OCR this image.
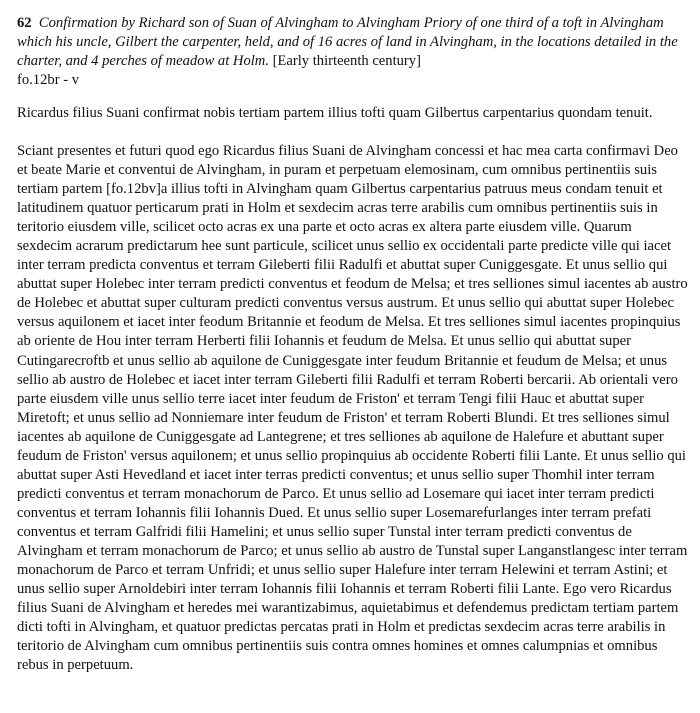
62 Confirmation by Richard son of Suan of Alvingham to Alvingham Priory of one third of a toft in Alvingham which his uncle, Gilbert the carpenter, held, and of 16 acres of land in Alvingham, in the locations detailed in the charter, and 4 perches of meadow at Holm. [Early thirteenth century]

fo.12br - v

Ricardus filius Suani confirmat nobis tertiam partem illius tofti quam Gilbertus carpentarius quondam tenuit.

Sciant presentes et futuri quod ego Ricardus filius Suani de Alvingham concessi et hac mea carta confirmavi Deo et beate Marie et conventui de Alvingham, in puram et perpetuam elemosinam, cum omnibus pertinentiis suis tertiam partem [fo.12bv]a illius tofti in Alvingham quam Gilbertus carpentarius patruus meus condam tenuit et latitudinem quatuor perticarum prati in Holm et sexdecim acras terre arabilis cum omnibus pertinentiis suis in teritorio eiusdem ville, scilicet octo acras ex una parte et octo acras ex altera parte eiusdem ville. Quarum sexdecim acrarum predictarum hee sunt particule, scilicet unus sellio ex occidentali parte predicte ville qui iacet inter terram predicta conventus et terram Gileberti filii Radulfi et abuttat super Cuniggesgate. Et unus sellio qui abuttat super Holebec inter terram predicti conventus et feodum de Melsa; et tres selliones simul iacentes ab austro de Holebec et abuttat super culturam predicti conventus versus austrum. Et unus sellio qui abuttat super Holebec versus aquilonem et iacet inter feodum Britannie et feodum de Melsa. Et tres selliones simul iacentes propinquius ab oriente de Hou inter terram Herberti filii Iohannis et feudum de Melsa. Et unus sellio qui abuttat super Cutingarecroftb et unus sellio ab aquilone de Cuniggesgate inter feudum Britannie et feudum de Melsa; et unus sellio ab austro de Holebec et iacet inter terram Gileberti filii Radulfi et terram Roberti bercarii. Ab orientali vero parte eiusdem ville unus sellio terre iacet inter feudum de Friston' et terram Tengi filii Hauc et abuttat super Miretoft; et unus sellio ad Nonniemare inter feudum de Friston' et terram Roberti Blundi. Et tres selliones simul iacentes ab aquilone de Cuniggesgate ad Lantegrene; et tres selliones ab aquilone de Halefure et abuttant super feudum de Friston' versus aquilonem; et unus sellio propinquius ab occidente Roberti filii Lante. Et unus sellio qui abuttat super Asti Hevedland et iacet inter terras predicti conventus; et unus sellio super Thomhil inter terram predicti conventus et terram monachorum de Parco. Et unus sellio ad Losemare qui iacet inter terram predicti conventus et terram Iohannis filii Iohannis Dued. Et unus sellio super Losemarefurlanges inter terram prefati conventus et terram Galfridi filii Hamelini; et unus sellio super Tunstal inter terram predicti conventus de Alvingham et terram monachorum de Parco; et unus sellio ab austro de Tunstal super Langanstlangesc inter terram monachorum de Parco et terram Unfridi; et unus sellio super Halefure inter terram Helewini et terram Astini; et unus sellio super Arnoldebiri inter terram Iohannis filii Iohannis et terram Roberti filii Lante. Ego vero Ricardus filius Suani de Alvingham et heredes mei warantizabimus, aquietabimus et defendemus predictam tertiam partem dicti tofti in Alvingham, et quatuor predictas percatas prati in Holm et predictas sexdecim acras terre arabilis in teritorio de Alvingham cum omnibus pertinentiis suis contra omnes homines et omnes calumpnias et omnibus rebus in perpetuum.
